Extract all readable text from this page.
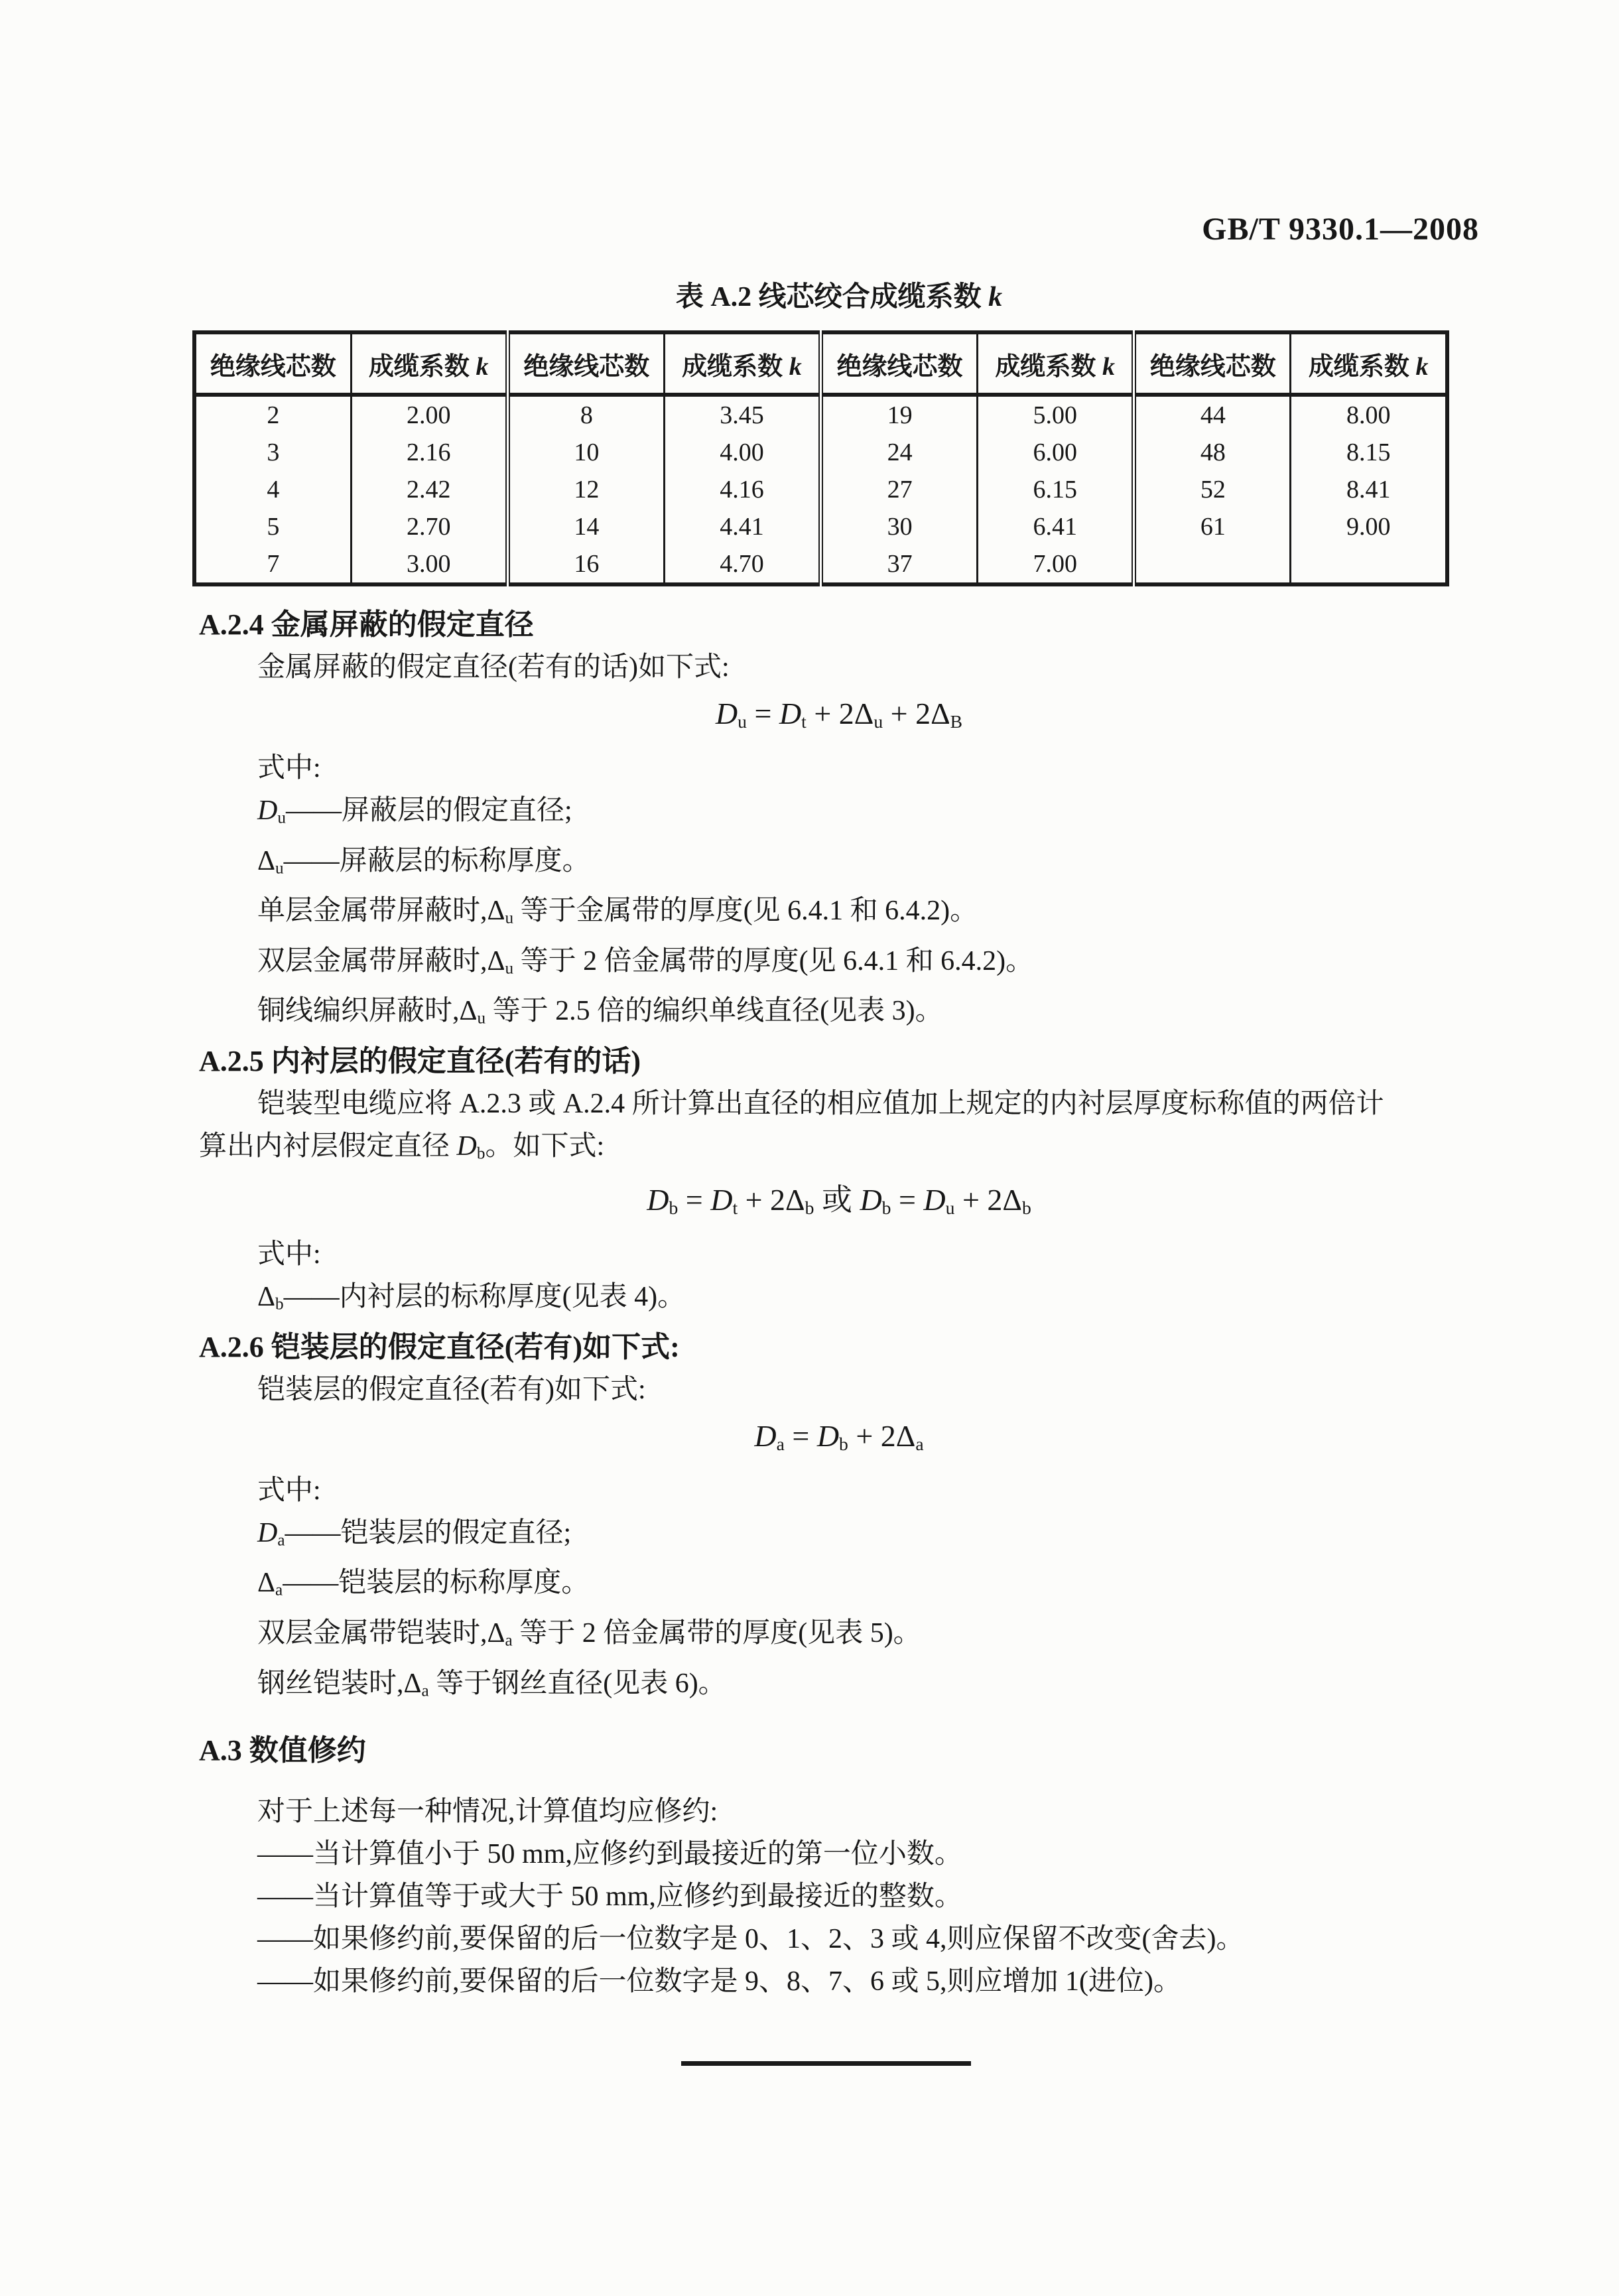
GB/T 9330.1—2008
表 A.2 线芯绞合成缆系数 k
绝缘线芯数	成缆系数 k	绝缘线芯数	成缆系数 k	绝缘线芯数	成缆系数 k	绝缘线芯数	成缆系数 k
2	2.00	8	3.45	19	5.00	44	8.00
3	2.16	10	4.00	24	6.00	48	8.15
4	2.42	12	4.16	27	6.15	52	8.41
5	2.70	14	4.41	30	6.41	61	9.00
7	3.00	16	4.70	37	7.00		
A.2.4 金属屏蔽的假定直径
金属屏蔽的假定直径(若有的话)如下式:
$D_u = D_t + 2\Delta_u + 2\Delta_B$
式中:
$D_u——$屏蔽层的假定直径;
$\Delta_u——$屏蔽层的标称厚度。
单层金属带屏蔽时$,\Delta_u$ 等于金属带的厚度(见 6.4.1 和 6.4.2)。
双层金属带屏蔽时$,\Delta_u$ 等于 2 倍金属带的厚度(见 6.4.1 和 6.4.2)。
铜线编织屏蔽时$,\Delta_u$ 等于 2.5 倍的编织单线直径(见表 3)。
A.2.5 内衬层的假定直径(若有的话)
铠装型电缆应将 A.2.3 或 A.2.4 所计算出直径的相应值加上规定的内衬层厚度标称值的两倍计
算出内衬层假定直径 $D_b$。如下式:
$D_b = D_t + 2\Delta_b$ 或 $D_b = D_u + 2\Delta_b$
式中:
$\Delta_b——$内衬层的标称厚度(见表 4)。
A.2.6 铠装层的假定直径(若有)如下式:
铠装层的假定直径(若有)如下式:
$D_a = D_b + 2\Delta_a$
式中:
$D_a——$铠装层的假定直径;
$\Delta_a——$铠装层的标称厚度。
双层金属带铠装时$,\Delta_a$ 等于 2 倍金属带的厚度(见表 5)。
钢丝铠装时$,\Delta_a$ 等于钢丝直径(见表 6)。
A.3 数值修约
对于上述每一种情况,计算值均应修约:
——当计算值小于 50 mm,应修约到最接近的第一位小数。
——当计算值等于或大于 50 mm,应修约到最接近的整数。
——如果修约前,要保留的后一位数字是 0、1、2、3 或 4,则应保留不改变(舍去)。
——如果修约前,要保留的后一位数字是 9、8、7、6 或 5,则应增加 1(进位)。
